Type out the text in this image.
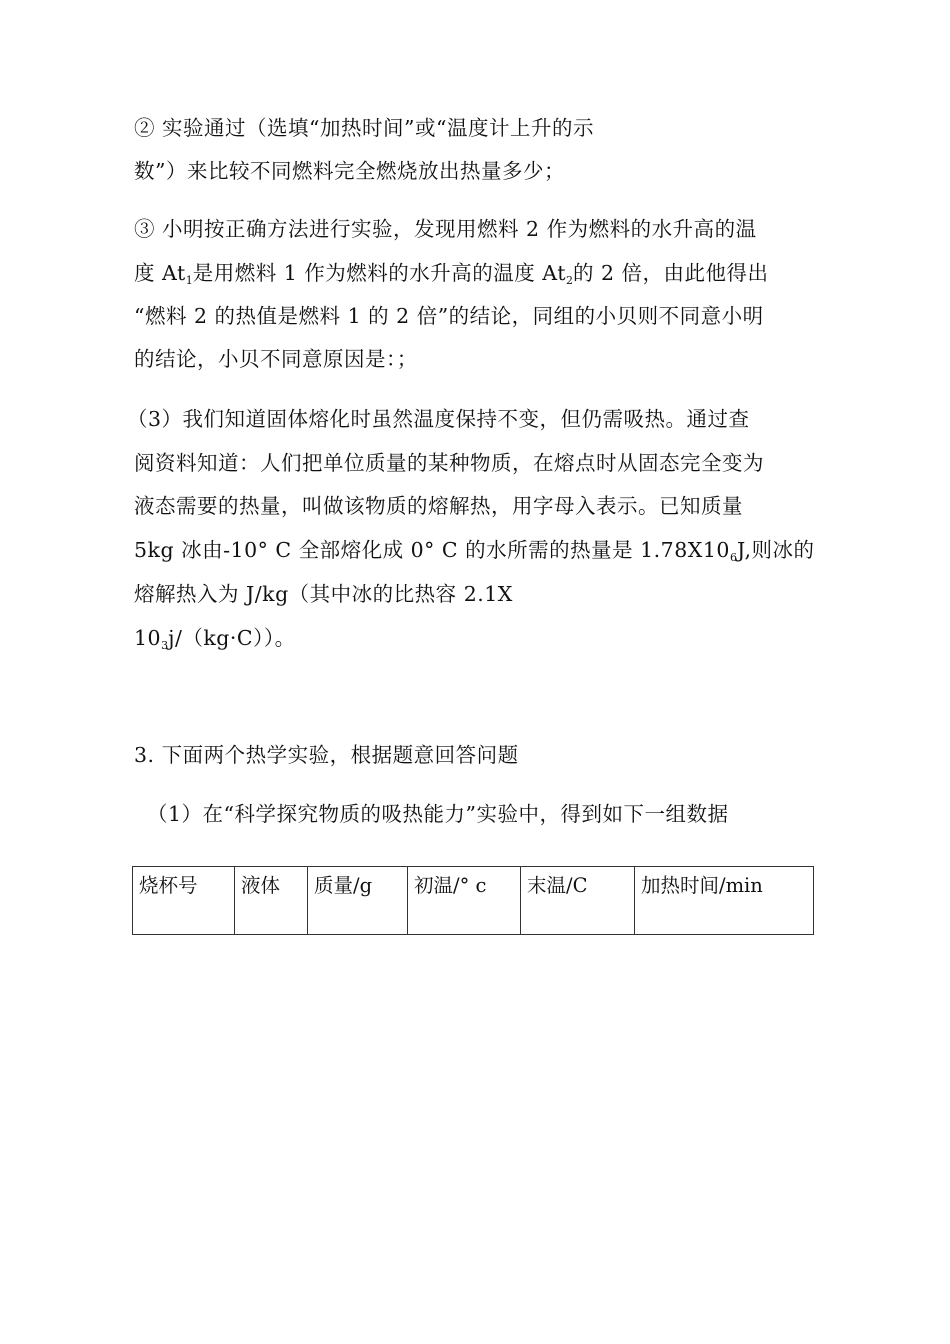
② 实验通过（选填“加热时间”或“温度计上升的示
数”）来比较不同燃料完全燃烧放出热量多少；
③ 小明按正确方法进行实验，发现用燃料 2 作为燃料的水升高的温
度 $At_1$是用燃料 1 作为燃料的水升高的温度 $At_2$的 2 倍，由此他得出
“燃料 2 的热值是燃料 1 的 2 倍”的结论，同组的小贝则不同意小明
的结论，小贝不同意原因是：；
（3）我们知道固体熔化时虽然温度保持不变，但仍需吸热。通过查
阅资料知道：人们把单位质量的某种物质，在熔点时从固态完全变为
液态需要的热量，叫做该物质的熔解热，用字母入表示。已知质量
5kg 冰由-10° C 全部熔化成 0° C 的水所需的热量是 $1.78X10_6J$,则冰的
熔解热入为 J/kg（其中冰的比热容 2.1X
$10_3j/(kg\cdot C)$）。
3. 下面两个热学实验，根据题意回答问题
（1）在“科学探究物质的吸热能力”实验中，得到如下一组数据
烧杯号	液体	质量/g	初温/° c	末温/C	加热时间/min
